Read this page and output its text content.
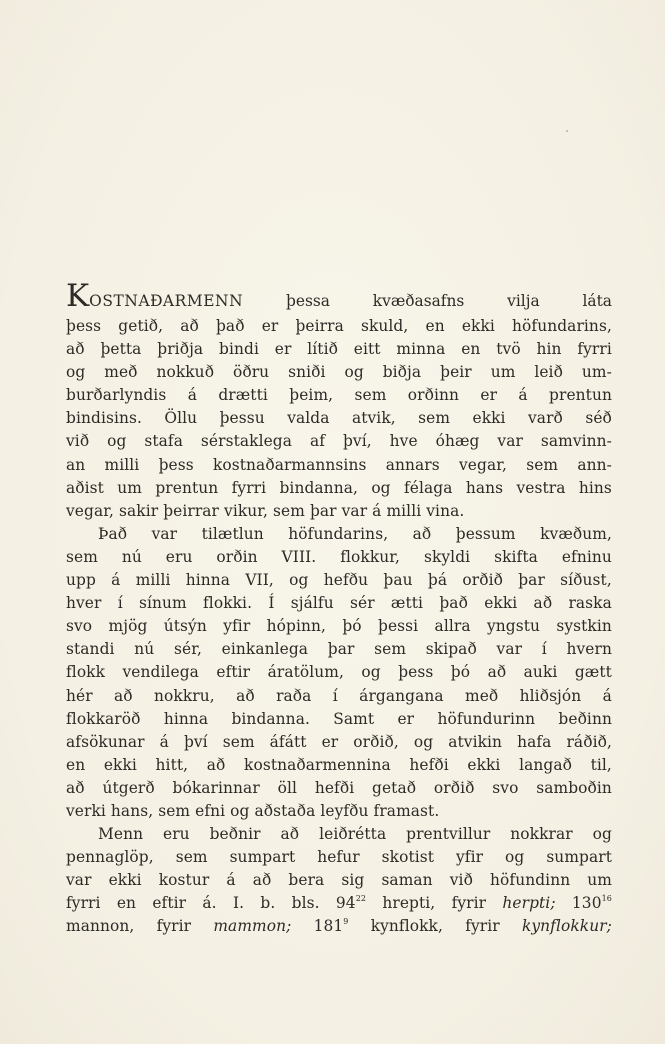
KOSTNAÐARMENN	þessa	kvæðasafns	vilja	láta
þess getið, að það er þeirra skuld, en ekki höfundarins,
að þetta þriðja bindi er lítið eitt minna en tvö hin fyrri
og með nokkuð öðru sniði og biðja þeir um leið um-
burðarlyndis á drætti þeim, sem orðinn er á prentun
bindisins. Öllu þessu valda atvik, sem ekki varð séð
við og stafa sérstaklega af því, hve óhæg var samvinn-
an milli þess kostnaðarmannsins annars vegar, sem ann-
aðist um prentun fyrri bindanna, og félaga hans vestra hins
vegar, sakir þeirrar vikur, sem þar var á milli vina.
Það var tilætlun höfundarins, að þessum kvæðum,
sem nú eru orðin VIII. flokkur, skyldi skifta efninu
upp á milli hinna VII, og hefðu þau þá orðið þar síðust,
hver í sínum flokki. Í sjálfu sér ætti það ekki að raska
svo mjög útsýn yfir hópinn, þó þessi allra yngstu systkin
standi nú sér, einkanlega þar sem skipað var í hvern
flokk vendilega eftir áratölum, og þess þó að auki gætt
hér að nokkru, að raða í árgangana með hliðsjón á
flokkaröð hinna bindanna. Samt er höfundurinn beðinn
afsökunar á því sem áfátt er orðið, og atvikin hafa ráðið,
en ekki hitt, að kostnaðarmennina hefði ekki langað til,
að útgerð bókarinnar öll hefði getað orðið svo samboðin
verki hans, sem efni og aðstaða leyfðu framast.
Menn eru beðnir að leiðrétta prentvillur nokkrar og
pennaglöp, sem sumpart hefur skotist yfir og sumpart
var ekki kostur á að bera sig saman við höfundinn um
fyrri en eftir á. I. b. bls. $94^{22}$ hrepti, fyrir herpti; $130^{16}$
mannon, fyrir mammon; $181^9$ kynflokk, fyrir kynflokkur;
